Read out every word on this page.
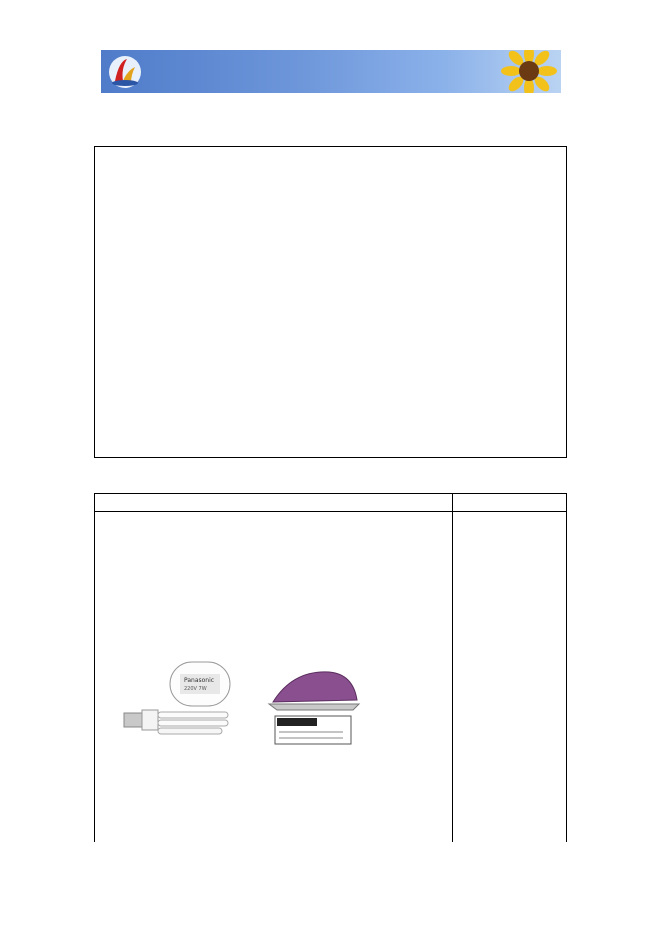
Panasonic
220V 7W
